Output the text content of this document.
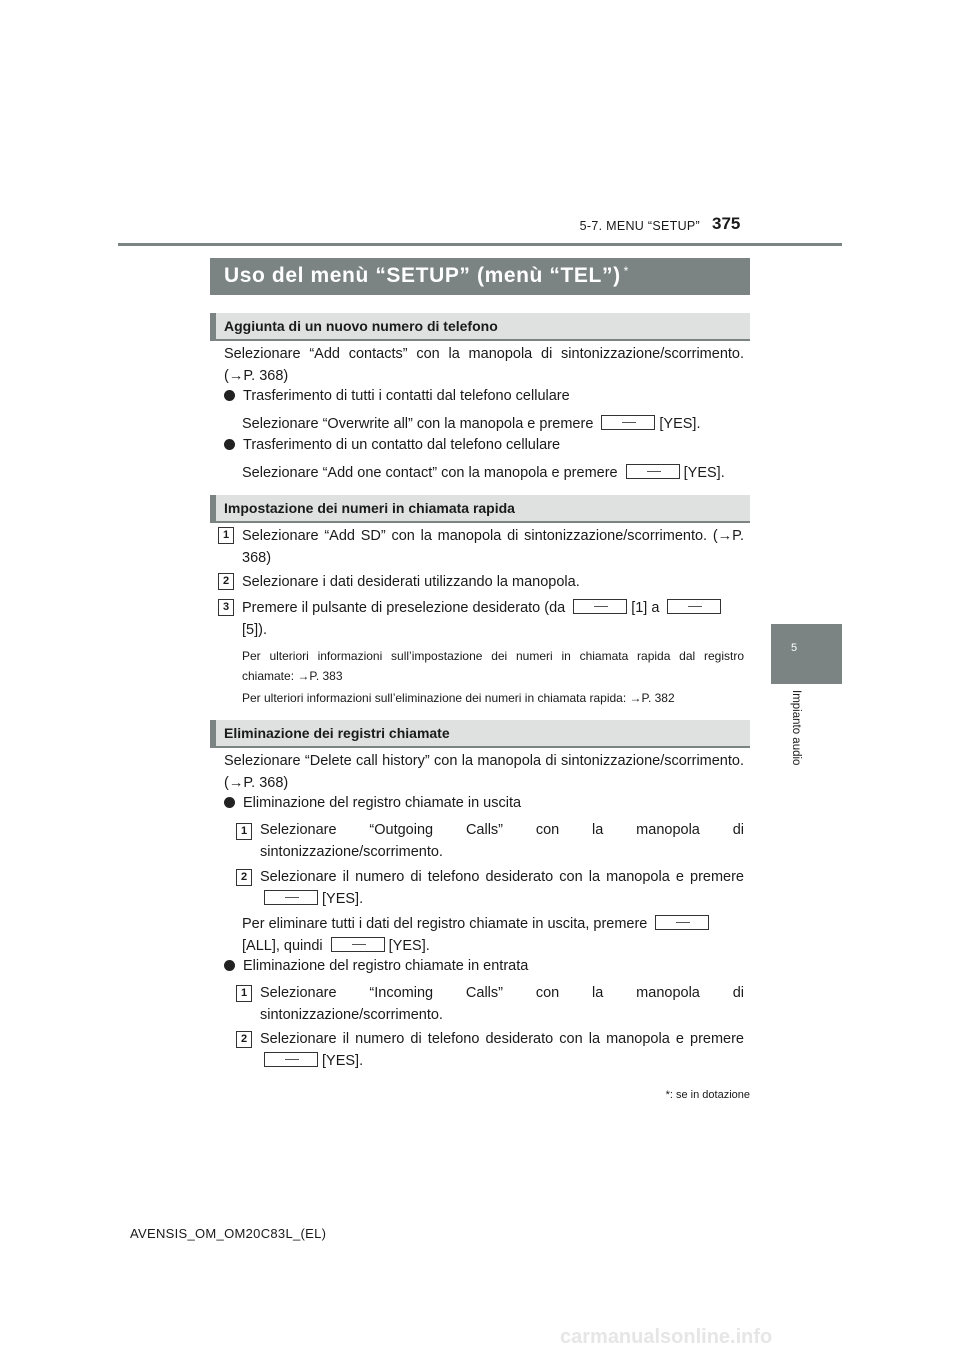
5-7. MENU “SETUP” 375
5
Impianto audio
Uso del menù “SETUP” (menù “TEL”) *
Aggiunta di un nuovo numero di telefono
Selezionare “Add contacts” con la manopola di sintonizzazione/scorrimento. (→P. 368)
Trasferimento di tutti i contatti dal telefono cellulare
Selezionare “Overwrite all” con la manopola e premere	[YES].
Trasferimento di un contatto dal telefono cellulare
Selezionare “Add one contact” con la manopola e premere	[YES].
Impostazione dei numeri in chiamata rapida
1 Selezionare “Add SD” con la manopola di sintonizzazione/scorrimento. (→P. 368)
2 Selezionare i dati desiderati utilizzando la manopola.
3 Premere il pulsante di preselezione desiderato (da	[1] a
[5]).
Per ulteriori informazioni sull’impostazione dei numeri in chiamata rapida dal registro chiamate: →P. 383
Per ulteriori informazioni sull’eliminazione dei numeri in chiamata rapida: →P. 382
Eliminazione dei registri chiamate
Selezionare “Delete call history” con la manopola di sintonizzazione/scorrimento. (→P. 368)
Eliminazione del registro chiamate in uscita
1 Selezionare “Outgoing Calls” con la manopola di sintonizzazione/scorrimento.
2 Selezionare il numero di telefono desiderato con la manopola e premere [YES].
Per eliminare tutti i dati del registro chiamate in uscita, premere
[ALL], quindi	[YES].
Eliminazione del registro chiamate in entrata
1 Selezionare “Incoming Calls” con la manopola di sintonizzazione/scorrimento.
2 Selezionare il numero di telefono desiderato con la manopola e premere [YES].
*: se in dotazione
AVENSIS_OM_OM20C83L_(EL)
carmanualsonline.info
